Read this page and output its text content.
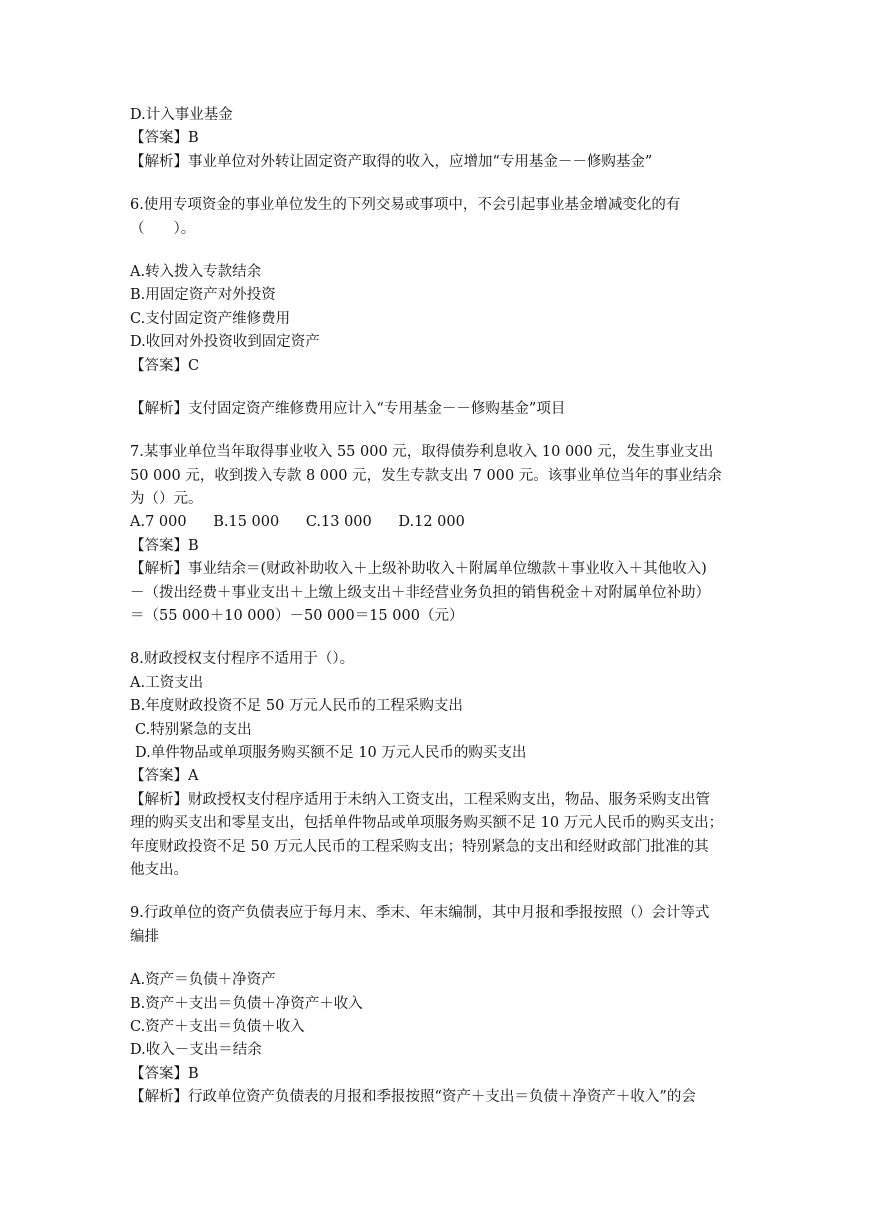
D.计入事业基金
【答案】B
【解析】事业单位对外转让固定资产取得的收入，应增加“专用基金－－修购基金”
6.使用专项资金的事业单位发生的下列交易或事项中，不会引起事业基金增减变化的有
（　　）。
A.转入拨入专款结余
B.用固定资产对外投资
C.支付固定资产维修费用
D.收回对外投资收到固定资产
【答案】C
【解析】支付固定资产维修费用应计入“专用基金－－修购基金”项目
7.某事业单位当年取得事业收入 55 000 元，取得债券利息收入 10 000 元，发生事业支出
50 000 元，收到拨入专款 8 000 元，发生专款支出 7 000 元。该事业单位当年的事业结余
为（）元。
A.7 000 B.15 000 C.13 000 D.12 000
【答案】B
【解析】事业结余＝(财政补助收入＋上级补助收入＋附属单位缴款＋事业收入＋其他收入)
－（拨出经费＋事业支出＋上缴上级支出＋非经营业务负担的销售税金＋对附属单位补助）
＝（55 000＋10 000）－50 000＝15 000（元）
8.财政授权支付程序不适用于（）。
A.工资支出
B.年度财政投资不足 50 万元人民币的工程采购支出
C.特别紧急的支出
D.单件物品或单项服务购买额不足 10 万元人民币的购买支出
【答案】A
【解析】财政授权支付程序适用于未纳入工资支出，工程采购支出，物品、服务采购支出管
理的购买支出和零星支出，包括单件物品或单项服务购买额不足 10 万元人民币的购买支出；
年度财政投资不足 50 万元人民币的工程采购支出；特别紧急的支出和经财政部门批准的其
他支出。
9.行政单位的资产负债表应于每月末、季末、年末编制，其中月报和季报按照（）会计等式
编排
A.资产＝负债＋净资产
B.资产＋支出＝负债＋净资产＋收入
C.资产＋支出＝负债＋收入
D.收入－支出＝结余
【答案】B
【解析】行政单位资产负债表的月报和季报按照“资产＋支出＝负债＋净资产＋收入”的会
